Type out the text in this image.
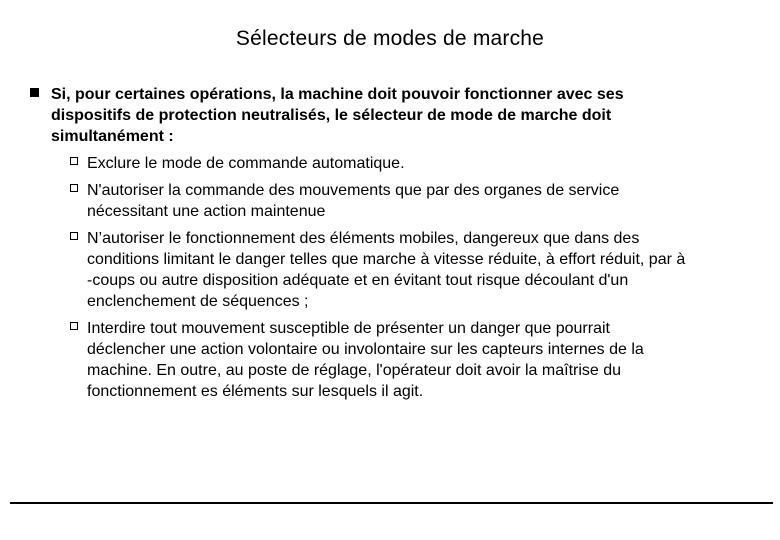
Sélecteurs de modes de marche
Si, pour certaines opérations, la machine doit pouvoir fonctionner avec ses
dispositifs de protection neutralisés, le sélecteur de mode de marche doit
simultanément :
Exclure le mode de commande automatique.
N'autoriser la commande des mouvements que par des organes de service
nécessitant une action maintenue
N’autoriser le fonctionnement des éléments mobiles, dangereux que dans des
conditions limitant le danger telles que marche à vitesse réduite, à effort réduit, par à
-coups ou autre disposition adéquate et en évitant tout risque découlant d'un
enclenchement de séquences ;
Interdire tout mouvement susceptible de présenter un danger que pourrait
déclencher une action volontaire ou involontaire sur les capteurs internes de la
machine. En outre, au poste de réglage, l'opérateur doit avoir la maîtrise du
fonctionnement es éléments sur lesquels il agit.
